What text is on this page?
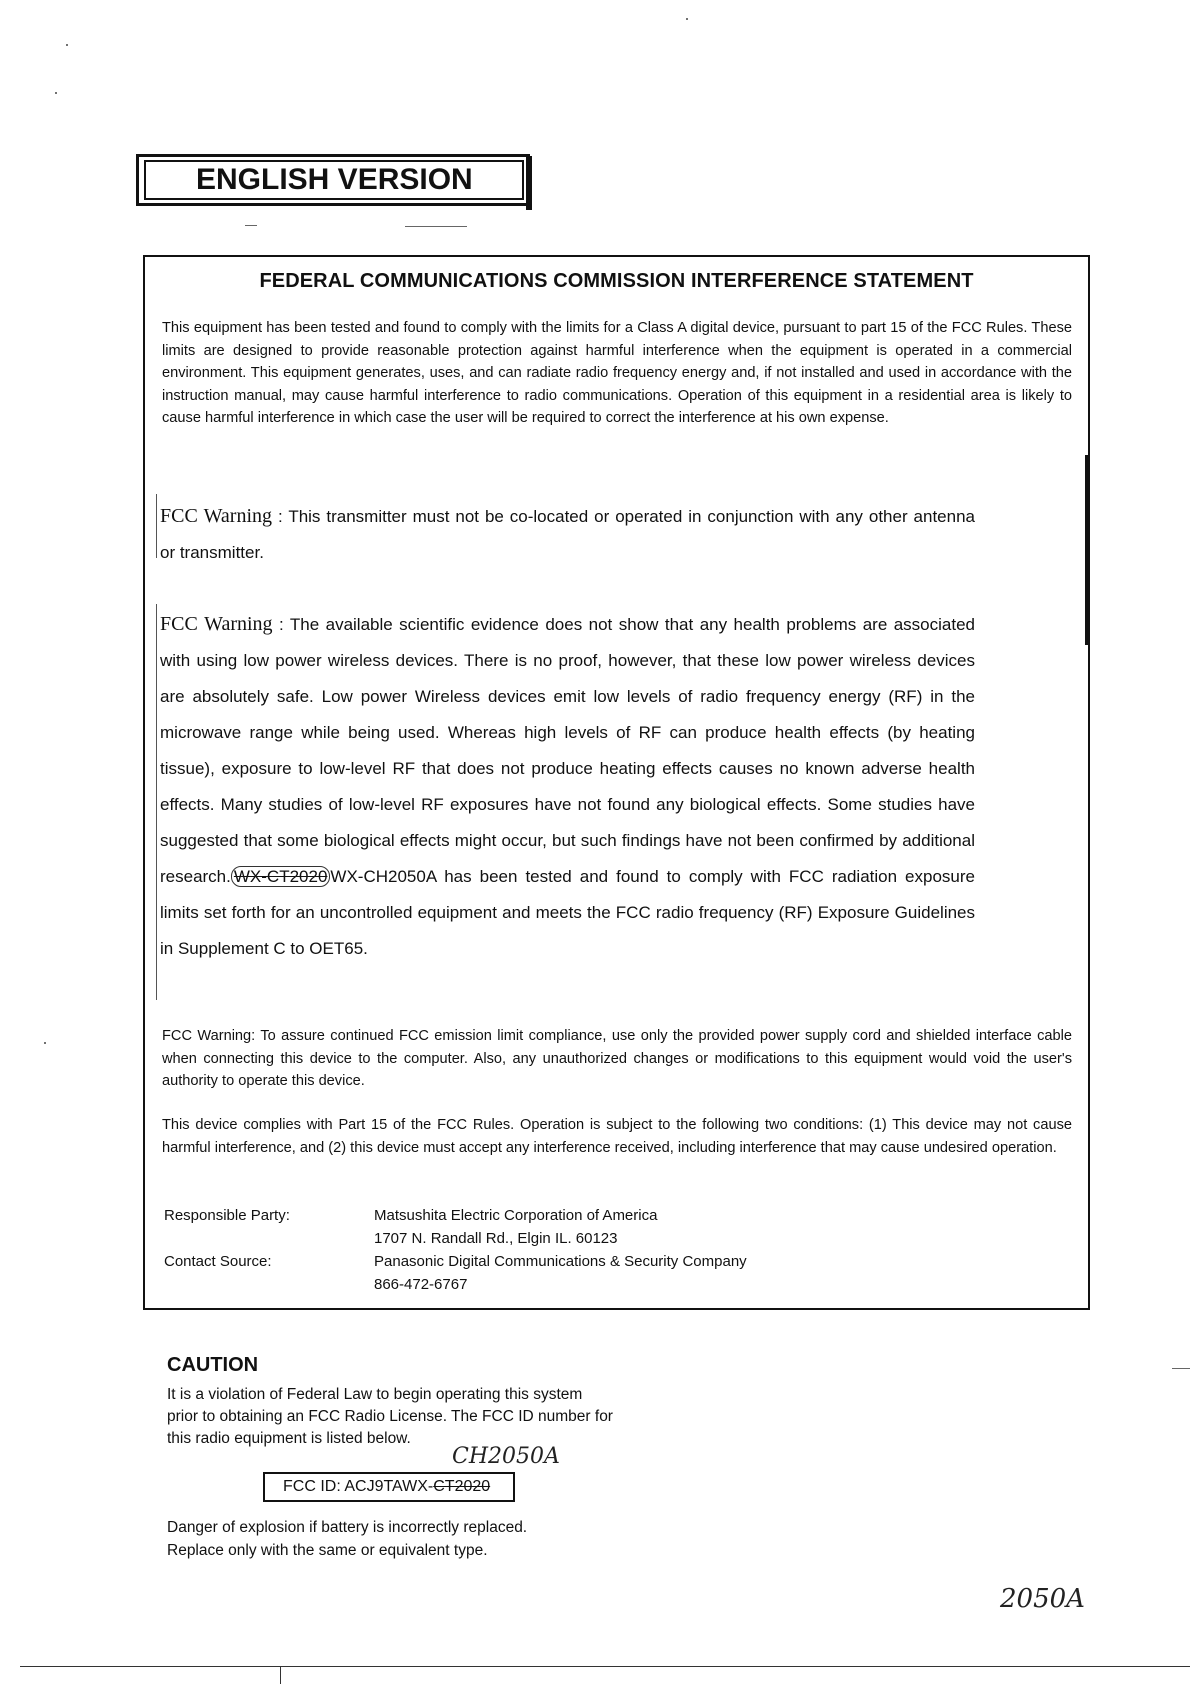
ENGLISH VERSION
FEDERAL COMMUNICATIONS COMMISSION INTERFERENCE STATEMENT
This equipment has been tested and found to comply with the limits for a Class A digital device, pursuant to part 15 of the FCC Rules. These limits are designed to provide reasonable protection against harmful interference when the equipment is operated in a commercial environment. This equipment generates, uses, and can radiate radio frequency energy and, if not installed and used in accordance with the instruction manual, may cause harmful interference to radio communications. Operation of this equipment in a residential area is likely to cause harmful interference in which case the user will be required to correct the interference at his own expense.
FCC Warning : This transmitter must not be co-located or operated in conjunction with any other antenna or transmitter.
FCC Warning : The available scientific evidence does not show that any health problems are associated with using low power wireless devices. There is no proof, however, that these low power wireless devices are absolutely safe. Low power Wireless devices emit low levels of radio frequency energy (RF) in the microwave range while being used. Whereas high levels of RF can produce health effects (by heating tissue), exposure to low-level RF that does not produce heating effects causes no known adverse health effects. Many studies of low-level RF exposures have not found any biological effects. Some studies have suggested that some biological effects might occur, but such findings have not been confirmed by additional research. WX-CT2020 WX-CH2050A has been tested and found to comply with FCC radiation exposure limits set forth for an uncontrolled equipment and meets the FCC radio frequency (RF) Exposure Guidelines in Supplement C to OET65.
FCC Warning: To assure continued FCC emission limit compliance, use only the provided power supply cord and shielded interface cable when connecting this device to the computer. Also, any unauthorized changes or modifications to this equipment would void the user's authority to operate this device.
This device complies with Part 15 of the FCC Rules. Operation is subject to the following two conditions: (1) This device may not cause harmful interference, and (2) this device must accept any interference received, including interference that may cause undesired operation.
Responsible Party:	Matsushita Electric Corporation of America
1707 N. Randall Rd., Elgin IL. 60123
Contact Source:	Panasonic Digital Communications & Security Company
866-472-6767
CAUTION
It is a violation of Federal Law to begin operating this system prior to obtaining an FCC Radio License. The FCC ID number for this radio equipment is listed below.
CH2050A
FCC ID: ACJ9TAWX- CT2020
Danger of explosion if battery is incorrectly replaced.
Replace only with the same or equivalent type.
2050A
